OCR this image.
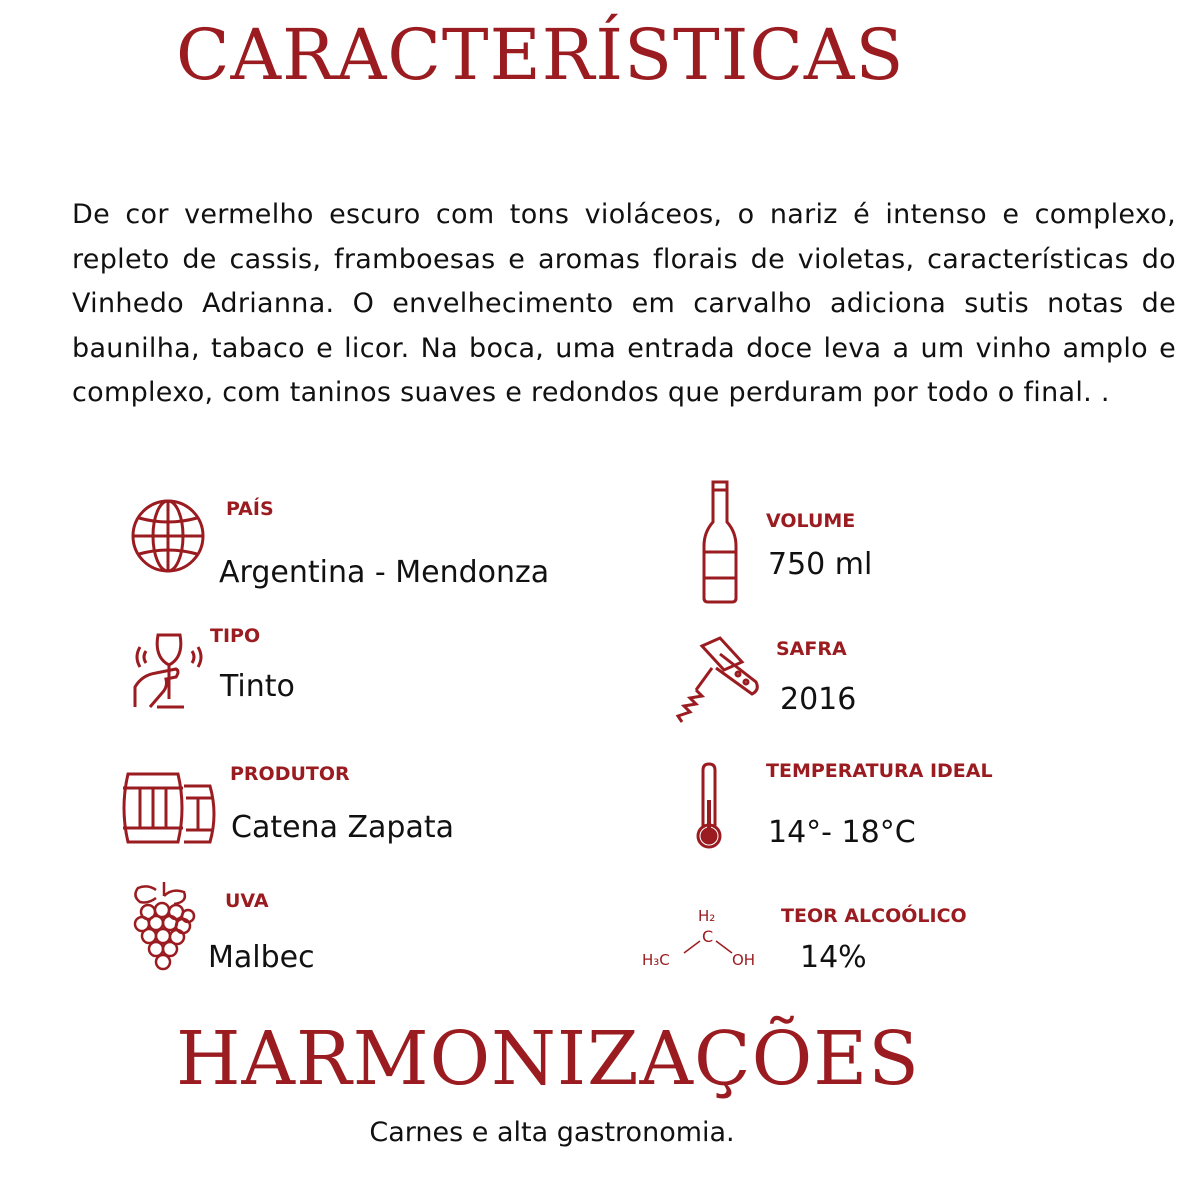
CARACTERÍSTICAS

De cor vermelho escuro com tons violáceos, o nariz é intenso e complexo, repleto de cassis, framboesas e aromas florais de violetas, características do Vinhedo Adrianna. O envelhecimento em carvalho adiciona sutis notas de baunilha, tabaco e licor. Na boca, uma entrada doce leva a um vinho amplo e complexo, com taninos suaves e redondos que perduram por todo o final. .

PAÍS
Argentina - Mendonza
VOLUME
750 ml
TIPO
Tinto
SAFRA
2016
PRODUTOR
Catena Zapata
TEMPERATURA IDEAL
14°- 18°C
UVA
Malbec
H₂
C
H₃C	OH
TEOR ALCOÓLICO
14%
HARMONIZAÇÕES
Carnes e alta gastronomia.
